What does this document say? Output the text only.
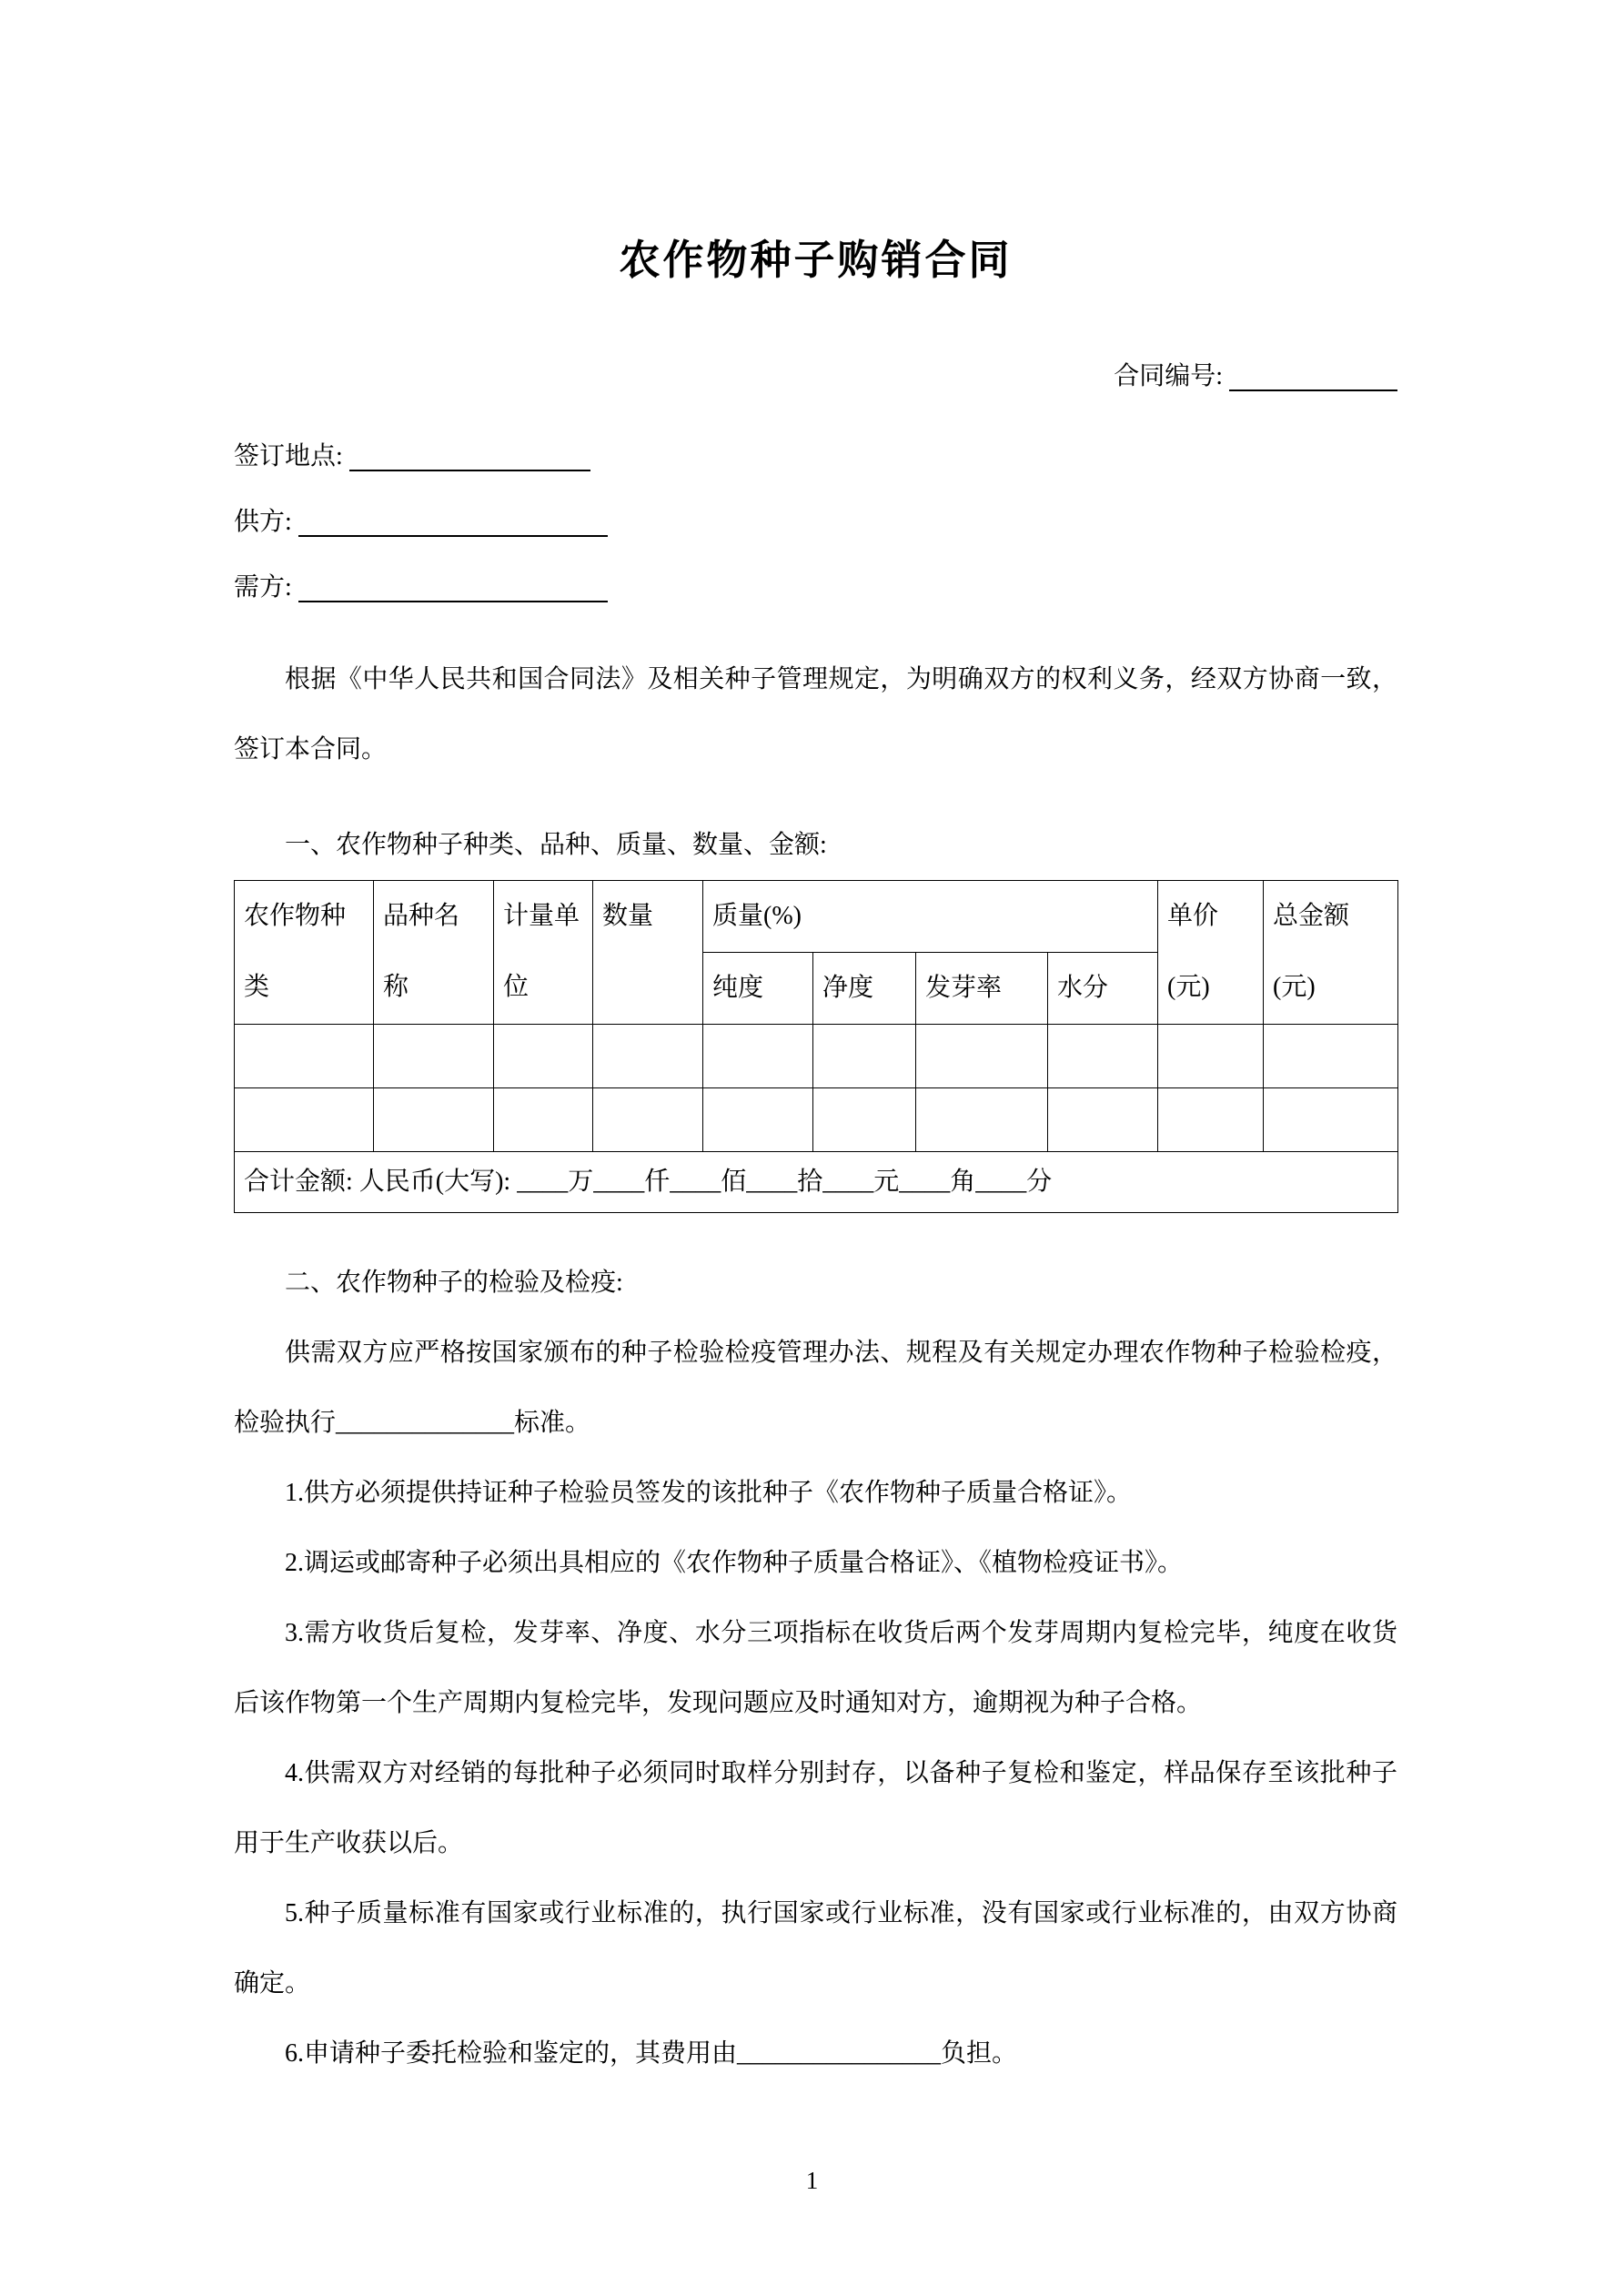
农作物种子购销合同

合同编号:

签订地点:

供方:

需方:

根据《中华人民共和国合同法》及相关种子管理规定，为明确双方的权利义务，经双方协商一致，签订本合同。

一、农作物种子种类、品种、质量、数量、金额:

农作物种类	品种名称	计量单位	数量	质量(%)				单价(元)	总金额(元)
				纯度	净度	发芽率	水分		

合计金额: 人民币(大写): ____万____仟____佰____拾____元____角____分									

二、农作物种子的检验及检疫:

供需双方应严格按国家颁布的种子检验检疫管理办法、规程及有关规定办理农作物种子检验检疫，检验执行______________标准。

1.供方必须提供持证种子检验员签发的该批种子《农作物种子质量合格证》。

2.调运或邮寄种子必须出具相应的《农作物种子质量合格证》、《植物检疫证书》。

3.需方收货后复检，发芽率、净度、水分三项指标在收货后两个发芽周期内复检完毕，纯度在收货后该作物第一个生产周期内复检完毕，发现问题应及时通知对方，逾期视为种子合格。

4.供需双方对经销的每批种子必须同时取样分别封存，以备种子复检和鉴定，样品保存至该批种子用于生产收获以后。

5.种子质量标准有国家或行业标准的，执行国家或行业标准，没有国家或行业标准的，由双方协商确定。

6.申请种子委托检验和鉴定的，其费用由________________负担。

1
